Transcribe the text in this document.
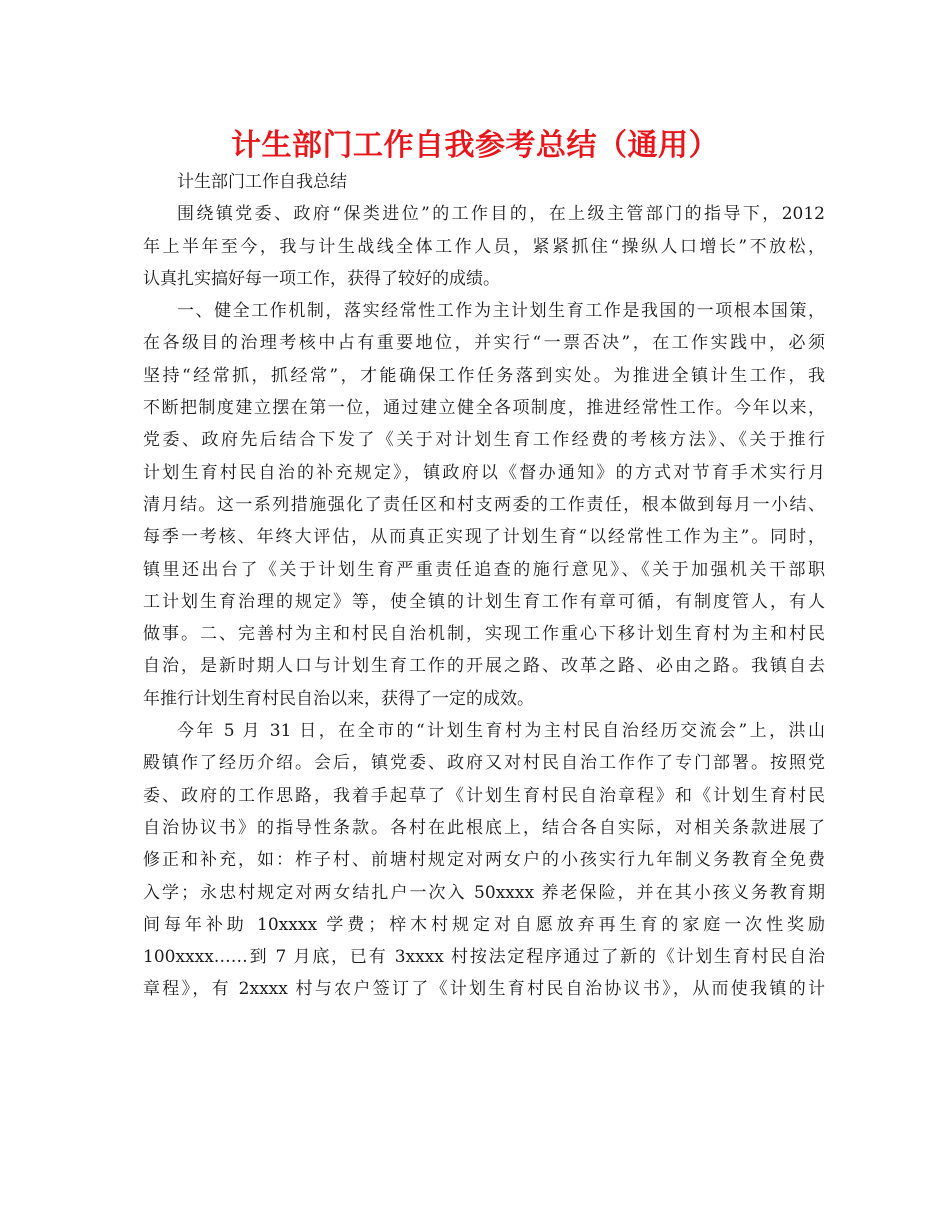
计生部门工作自我参考总结（通用）
计生部门工作自我总结
围绕镇党委、政府“保类进位”的工作目的，在上级主管部门的指导下，2012
年上半年至今，我与计生战线全体工作人员，紧紧抓住“操纵人口增长”不放松，
认真扎实搞好每一项工作，获得了较好的成绩。
一、健全工作机制，落实经常性工作为主计划生育工作是我国的一项根本国策，
在各级目的治理考核中占有重要地位，并实行“一票否决”，在工作实践中，必须
坚持“经常抓，抓经常”，才能确保工作任务落到实处。为推进全镇计生工作，我
不断把制度建立摆在第一位，通过建立健全各项制度，推进经常性工作。今年以来，
党委、政府先后结合下发了《关于对计划生育工作经费的考核方法》、《关于推行
计划生育村民自治的补充规定》，镇政府以《督办通知》的方式对节育手术实行月
清月结。这一系列措施强化了责任区和村支两委的工作责任，根本做到每月一小结、
每季一考核、年终大评估，从而真正实现了计划生育“以经常性工作为主”。同时，
镇里还出台了《关于计划生育严重责任追查的施行意见》、《关于加强机关干部职
工计划生育治理的规定》等，使全镇的计划生育工作有章可循，有制度管人，有人
做事。二、完善村为主和村民自治机制，实现工作重心下移计划生育村为主和村民
自治，是新时期人口与计划生育工作的开展之路、改革之路、必由之路。我镇自去
年推行计划生育村民自治以来，获得了一定的成效。
今年 5 月 31 日，在全市的“计划生育村为主村民自治经历交流会”上，洪山
殿镇作了经历介绍。会后，镇党委、政府又对村民自治工作作了专门部署。按照党
委、政府的工作思路，我着手起草了《计划生育村民自治章程》和《计划生育村民
自治协议书》的指导性条款。各村在此根底上，结合各自实际，对相关条款进展了
修正和补充，如：柞子村、前塘村规定对两女户的小孩实行九年制义务教育全免费
入学；永忠村规定对两女结扎户一次入 50xxxx 养老保险，并在其小孩义务教育期
间每年补助 10xxxx 学费；梓木村规定对自愿放弃再生育的家庭一次性奖励
100xxxx……到 7 月底，已有 3xxxx 村按法定程序通过了新的《计划生育村民自治
章程》，有 2xxxx 村与农户签订了《计划生育村民自治协议书》，从而使我镇的计
